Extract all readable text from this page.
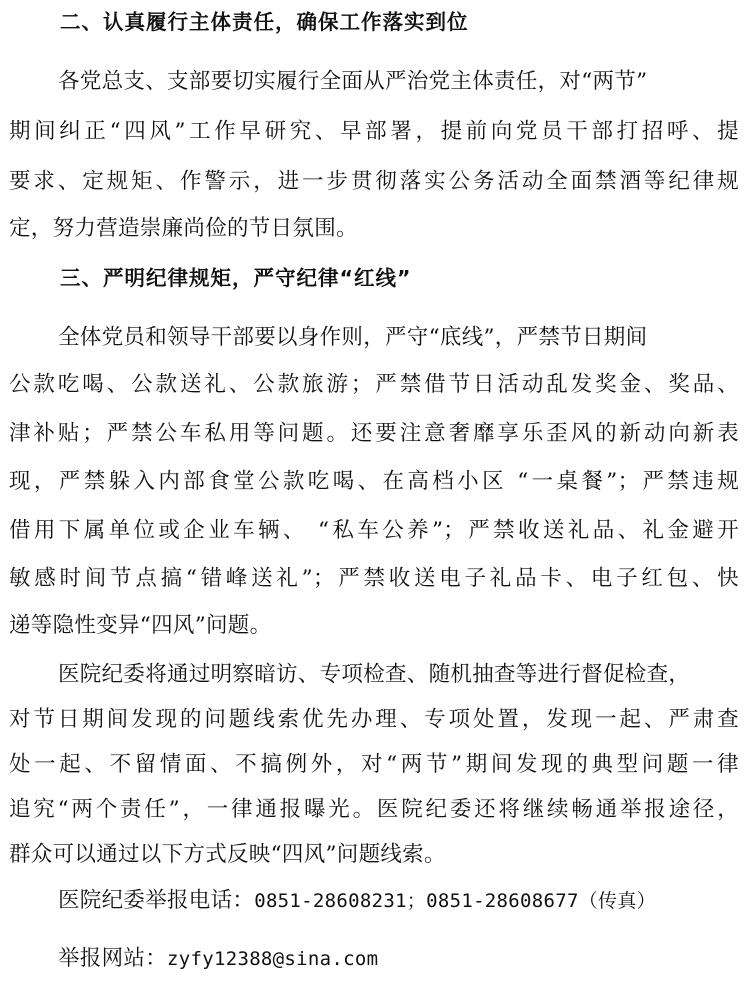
二、认真履行主体责任，确保工作落实到位
各党总支、支部要切实履行全面从严治党主体责任，对“两节”
期间纠正“四风”工作早研究、早部署，提前向党员干部打招呼、提
要求、定规矩、作警示，进一步贯彻落实公务活动全面禁酒等纪律规
定，努力营造崇廉尚俭的节日氛围。
三、严明纪律规矩，严守纪律“红线”
全体党员和领导干部要以身作则，严守“底线”，严禁节日期间
公款吃喝、公款送礼、公款旅游；严禁借节日活动乱发奖金、奖品、
津补贴；严禁公车私用等问题。还要注意奢靡享乐歪风的新动向新表
现，严禁躲入内部食堂公款吃喝、在高档小区 “一桌餐”；严禁违规
借用下属单位或企业车辆、 “私车公养”；严禁收送礼品、礼金避开
敏感时间节点搞“错峰送礼”；严禁收送电子礼品卡、电子红包、快
递等隐性变异“四风”问题。
医院纪委将通过明察暗访、专项检查、随机抽查等进行督促检查，
对节日期间发现的问题线索优先办理、专项处置，发现一起、严肃查
处一起、不留情面、不搞例外，对“两节”期间发现的典型问题一律
追究“两个责任”，一律通报曝光。医院纪委还将继续畅通举报途径，
群众可以通过以下方式反映“四风”问题线索。
医院纪委举报电话： 0851-28608231；0851-28608677（传真）
举报网站： zyfy12388@sina.com
